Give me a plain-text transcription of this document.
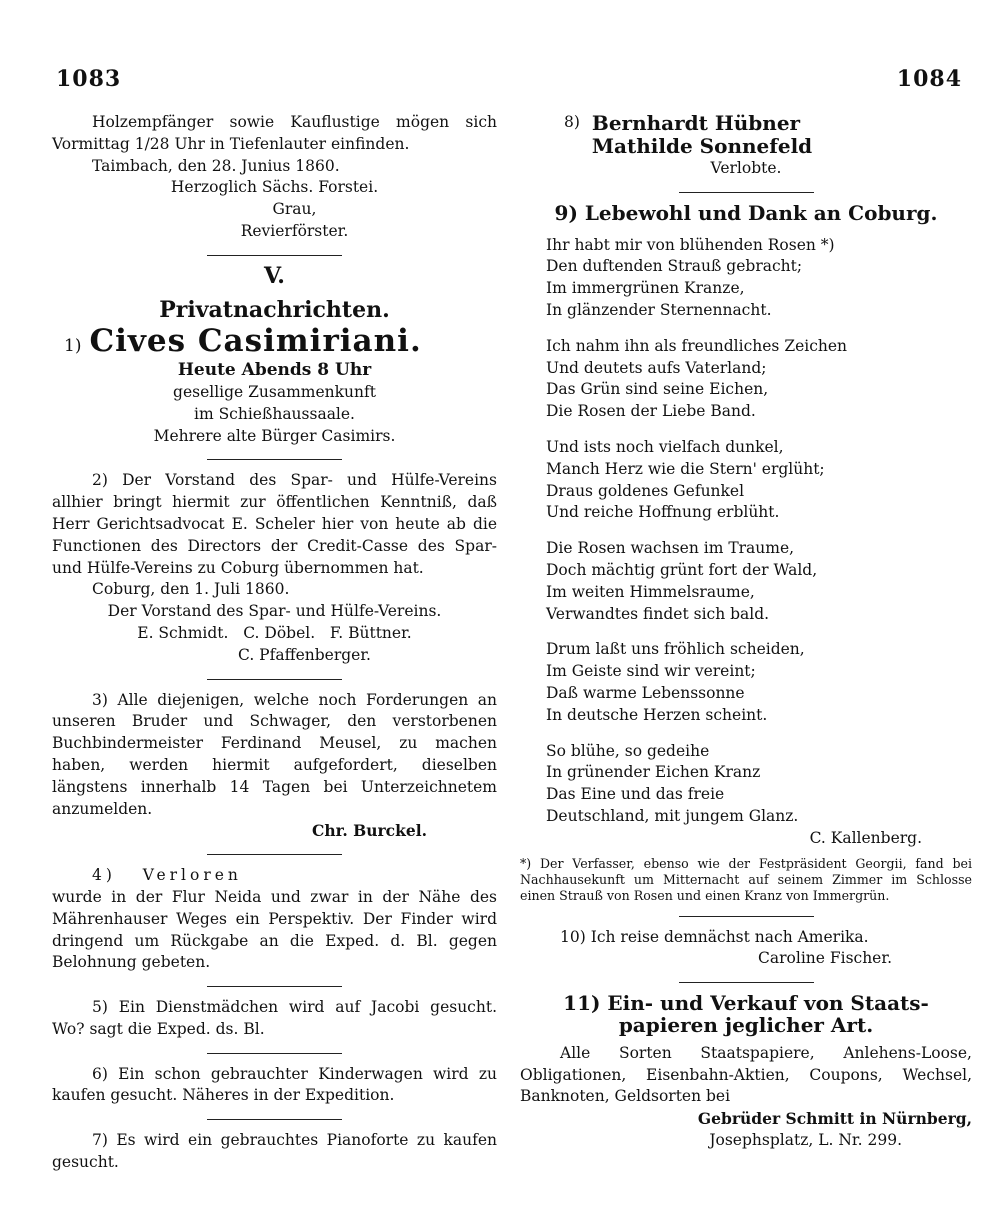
1083	1084

Holzempfänger sowie Kauflustige mögen sich Vormittag 1/28 Uhr in Tiefenlauter einfinden.

Taimbach, den 28. Junius 1860.

Herzoglich Sächs. Forstei.

Grau,

Revierförster.

V.
Privatnachrichten.
1) Cives Casimiriani.
Heute Abends 8 Uhr

gesellige Zusammenkunft

im Schießhaussaale.

Mehrere alte Bürger Casimirs.

2) Der Vorstand des Spar- und Hülfe-Vereins allhier bringt hiermit zur öffentlichen Kenntniß, daß Herr Gerichtsadvocat E. Scheler hier von heute ab die Functionen des Directors der Credit-Casse des Spar- und Hülfe-Vereins zu Coburg übernommen hat.

Coburg, den 1. Juli 1860.

Der Vorstand des Spar- und Hülfe-Vereins.

E. Schmidt.   C. Döbel.   F. Büttner.

C. Pfaffenberger.

3) Alle diejenigen, welche noch Forderungen an unseren Bruder und Schwager, den verstorbenen Buchbindermeister Ferdinand Meusel, zu machen haben, werden hiermit aufgefordert, dieselben längstens innerhalb 14 Tagen bei Unterzeichnetem anzumelden.

Chr. Burckel.

4)   Verloren

wurde in der Flur Neida und zwar in der Nähe des Mährenhauser Weges ein Perspektiv. Der Finder wird dringend um Rückgabe an die Exped. d. Bl. gegen Belohnung gebeten.

5) Ein Dienstmädchen wird auf Jacobi gesucht. Wo? sagt die Exped. ds. Bl.

6) Ein schon gebrauchter Kinderwagen wird zu kaufen gesucht. Näheres in der Expedition.

7) Es wird ein gebrauchtes Pianoforte zu kaufen gesucht.

8) Bernhardt Hübner
Mathilde Sonnefeld

Verlobte.

9) Lebewohl und Dank an Coburg.

Ihr habt mir von blühenden Rosen *)

Den duftenden Strauß gebracht;

Im immergrünen Kranze,

In glänzender Sternennacht.

Ich nahm ihn als freundliches Zeichen

Und deutets aufs Vaterland;

Das Grün sind seine Eichen,

Die Rosen der Liebe Band.

Und ists noch vielfach dunkel,

Manch Herz wie die Stern' erglüht;

Draus goldenes Gefunkel

Und reiche Hoffnung erblüht.

Die Rosen wachsen im Traume,

Doch mächtig grünt fort der Wald,

Im weiten Himmelsraume,

Verwandtes findet sich bald.

Drum laßt uns fröhlich scheiden,

Im Geiste sind wir vereint;

Daß warme Lebenssonne

In deutsche Herzen scheint.

So blühe, so gedeihe

In grünender Eichen Kranz

Das Eine und das freie

Deutschland, mit jungem Glanz.

C. Kallenberg.

*) Der Verfasser, ebenso wie der Festpräsident Georgii, fand bei Nachhausekunft um Mitternacht auf seinem Zimmer im Schlosse einen Strauß von Rosen und einen Kranz von Immergrün.

10) Ich reise demnächst nach Amerika.

Caroline Fischer.

11) Ein- und Verkauf von Staats-

papieren jeglicher Art.

Alle Sorten Staatspapiere, Anlehens-Loose, Obligationen, Eisenbahn-Aktien, Coupons, Wechsel, Banknoten, Geldsorten bei

Gebrüder Schmitt in Nürnberg,

Josephsplatz, L. Nr. 299.
